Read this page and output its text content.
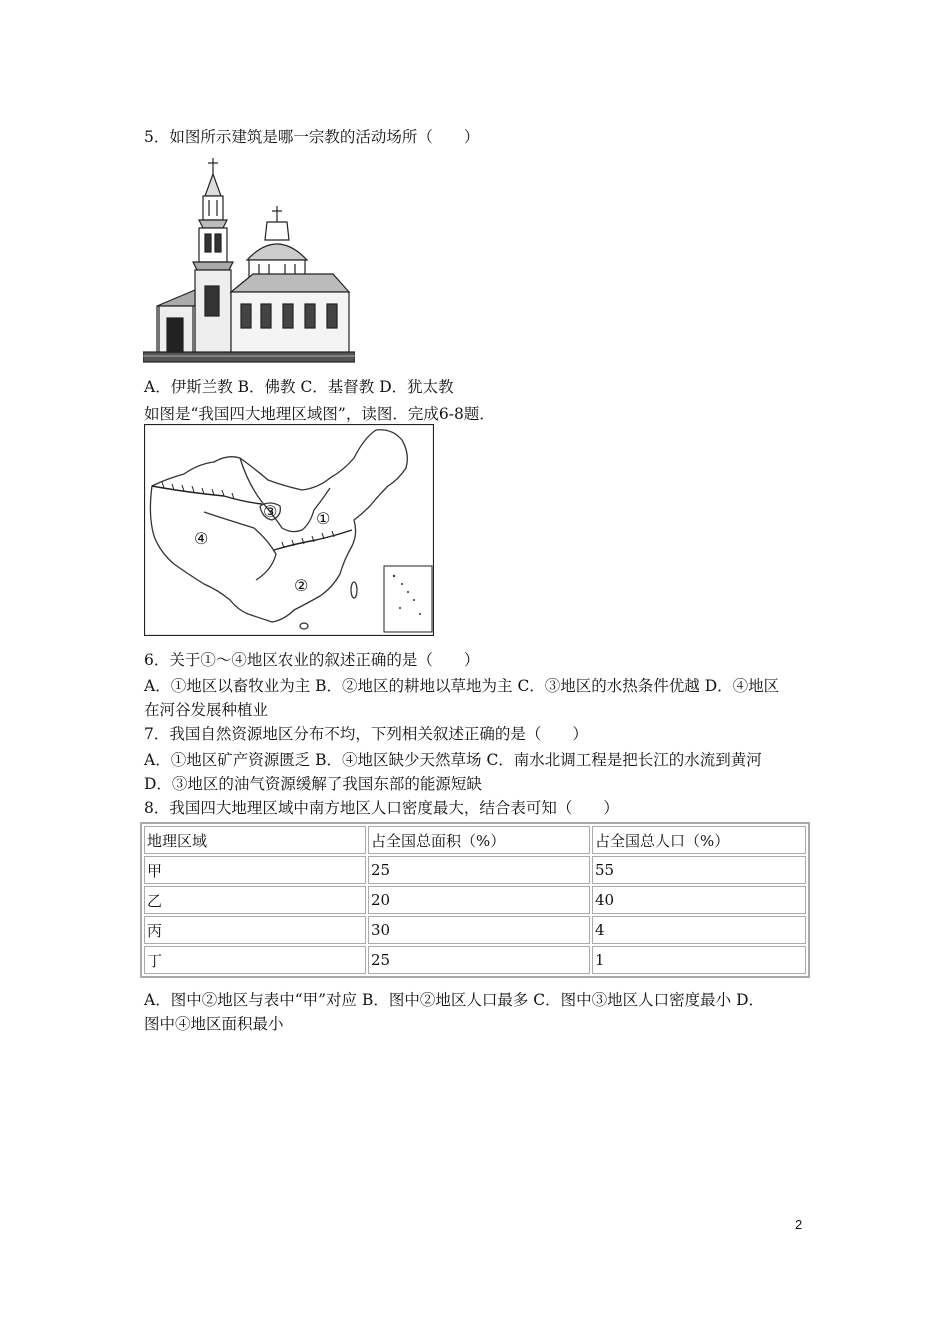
5．如图所示建筑是哪一宗教的活动场所（　　）
A．伊斯兰教 B．佛教 C．基督教 D．犹太教
如图是“我国四大地理区域图”，读图．完成6-8题．
①
②
③
④
6．关于①～④地区农业的叙述正确的是（　　）
A．①地区以畜牧业为主 B．②地区的耕地以草地为主 C．③地区的水热条件优越 D．④地区
在河谷发展种植业
7．我国自然资源地区分布不均，下列相关叙述正确的是（　　）
A．①地区矿产资源匮乏 B．④地区缺少天然草场 C．南水北调工程是把长江的水流到黄河
D．③地区的油气资源缓解了我国东部的能源短缺
8．我国四大地理区域中南方地区人口密度最大，结合表可知（　　）
地理区域	占全国总面积（%）	占全国总人口（%）
甲	25	55
乙	20	40
丙	30	4
丁	25	1
A．图中②地区与表中“甲”对应 B．图中②地区人口最多 C．图中③地区人口密度最小 D．
图中④地区面积最小
2
